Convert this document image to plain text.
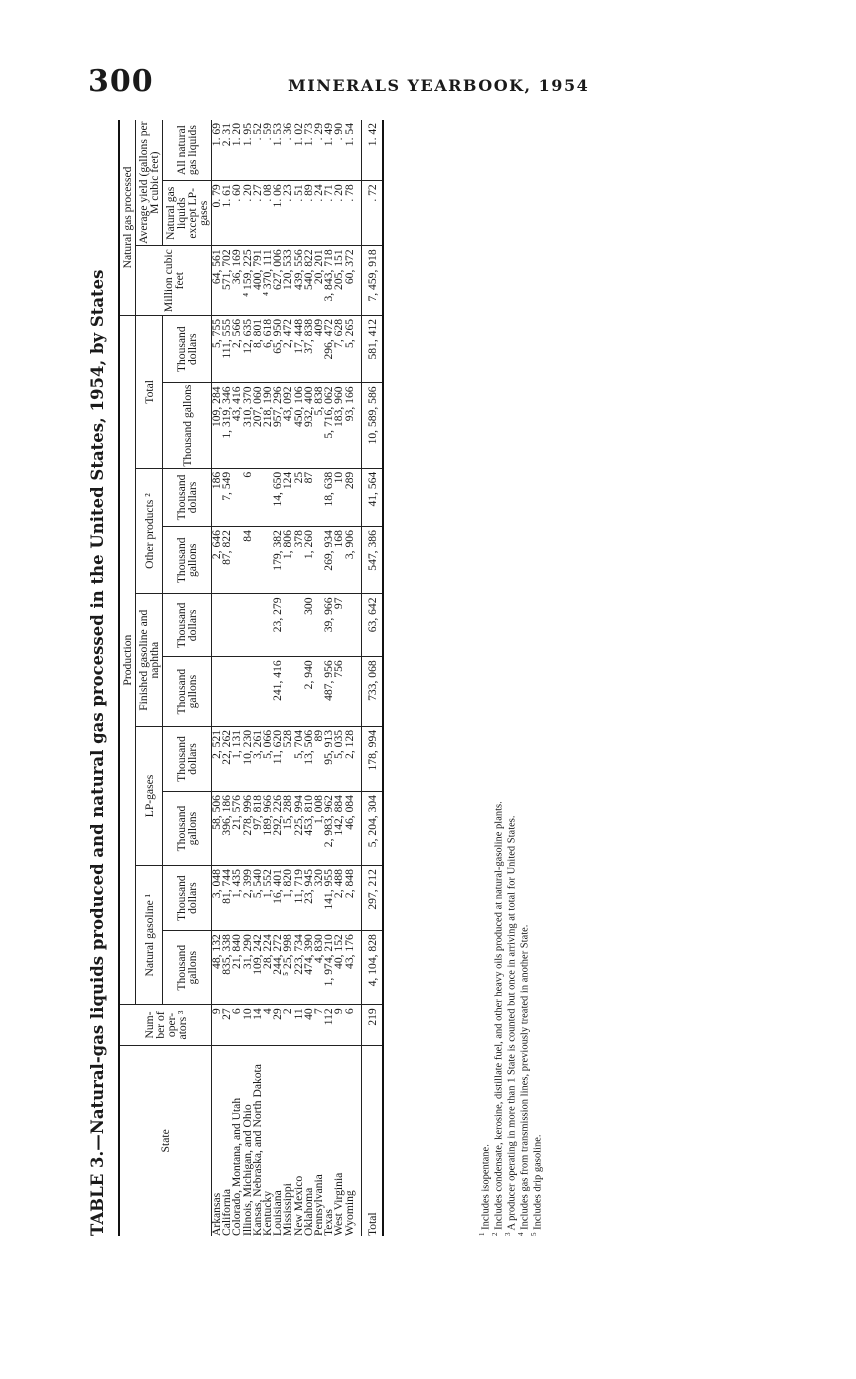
300	MINERALS YEARBOOK, 1954
TABLE 3.—Natural-gas liquids produced and natural gas processed in the United States, 1954, by States	State	Num-ber of oper-ators ³	Production										Natural gas processed		
		Natural gasoline ¹		LP-gases		Finished gasoline and naphtha		Other products ²		Total		Million cubic feet	Average yield (gallons per M cubic feet)	
		Thousand gallons	Thousand dollars	Thousand gallons	Thousand dollars	Thousand gallons	Thousand dollars	Thousand gallons	Thousand dollars	Thousand gallons	Thousand dollars		Natural gas liquids except LP-gases	All natural gas liquids
Arkansas	9	48, 132	3, 048	58, 506	2, 521			2, 646	186	109, 284	5, 755	64, 561	0. 79	1. 69
California	27	835, 338	81, 744	396, 186	22, 262			87, 822	7, 549	1, 319, 346	111, 555	571, 702	1. 61	2. 31
Colorado, Montana, and Utah	6	21, 840	1, 435	21, 576	1, 131					43, 416	2, 566	36, 169	. 60	1. 20
Illinois, Michigan, and Ohio	10	31, 290	2, 399	278, 996	10, 230			84	6	310, 370	12, 635	⁴ 159, 225	. 20	1. 95
Kansas, Nebraska, and North Dakota	14	109, 242	5, 540	97, 818	3, 261					207, 060	8, 801	400, 791	. 27	. 52
Kentucky	4	28, 224	1, 552	189, 966	5, 066					218, 190	6, 618	⁴ 370, 111	. 08	. 59
Louisiana	29	244, 272	16, 401	292, 226	11, 620	241, 416	23, 279	179, 382	14, 650	957, 296	65, 950	627, 006	1. 06	1. 53
Mississippi	2	⁵ 25, 998	1, 820	15, 288	528			1, 806	124	43, 092	2, 472	120, 533	. 23	. 36
New Mexico	11	223, 734	11, 719	225, 994	5, 704			378	25	450, 106	17, 448	439, 556	. 51	1. 02
Oklahoma	40	474, 390	23, 945	453, 810	13, 506	2, 940	300	1, 260	87	932, 400	37, 838	540, 822	. 89	1. 73
Pennsylvania	7	4, 830	320	1, 008	89					5, 838	409	20, 201	. 24	. 29
Texas	112	1, 974, 210	141, 955	2, 983, 962	95, 913	487, 956	39, 966	269, 934	18, 638	5, 716, 062	296, 472	3, 843, 718	. 71	1. 49
West Virginia	9	40, 152	2, 488	142, 884	5, 035	756	97	168	10	183, 960	7, 628	205, 151	. 20	. 90
Wyoming	6	43, 176	2, 848	46, 084	2, 128			3, 906	289	93, 166	5, 265	60, 372	. 78	1. 54
Total	219	4, 104, 828	297, 212	5, 204, 304	178, 994	733, 068	63, 642	547, 386	41, 564	10, 589, 586	581, 412	7, 459, 918	. 72	1. 42
$^1$ Includes isopentane.
$^2$ Includes condensate, kerosine, distillate fuel, and other heavy oils produced at natural-gasoline plants.
$^3$ A producer operating in more than 1 State is counted but once in arriving at total for United States.
$^4$ Includes gas from transmission lines, previously treated in another State.
$^5$ Includes drip gasoline.
